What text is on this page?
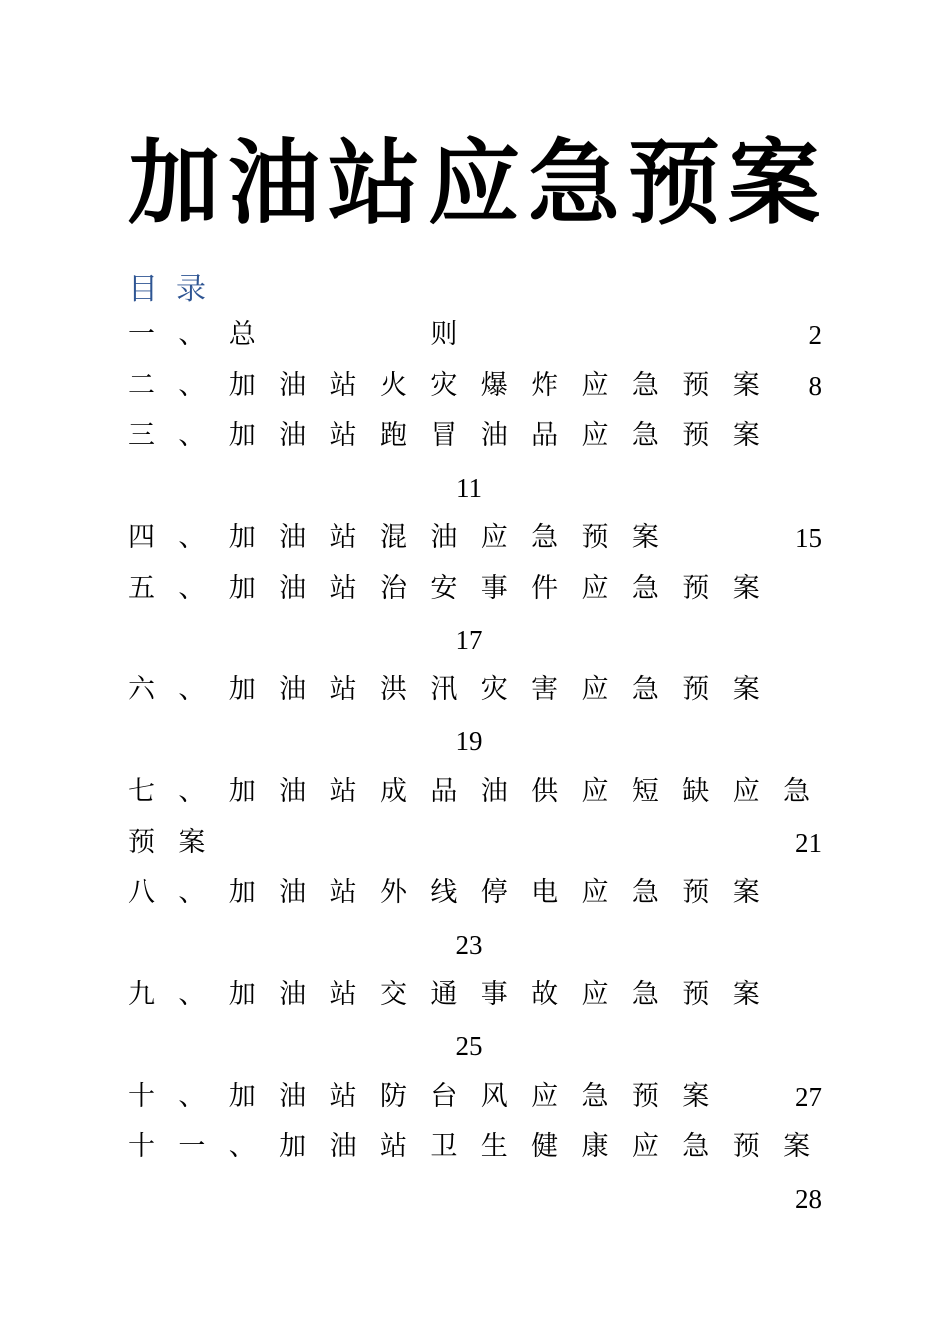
加油站应急预案
目录
一 、 总	则	2
二 、 加 油 站 火 灾 爆 炸 应 急 预 案	8
三 、 加 油 站 跑 冒 油 品 应 急 预 案
11
四 、 加 油 站 混 油 应 急 预 案	15
五 、 加 油 站 治 安 事 件 应 急 预 案
17
六 、 加 油 站 洪 汛 灾 害 应 急 预 案
19
七 、 加 油 站 成 品 油 供 应 短 缺 应 急
预 案	21
八 、 加 油 站 外 线 停 电 应 急 预 案
23
九 、 加 油 站 交 通 事 故 应 急 预 案
25
十 、 加 油 站 防 台 风 应 急 预 案	27
十 一 、 加 油 站 卫 生 健 康 应 急 预 案
28
